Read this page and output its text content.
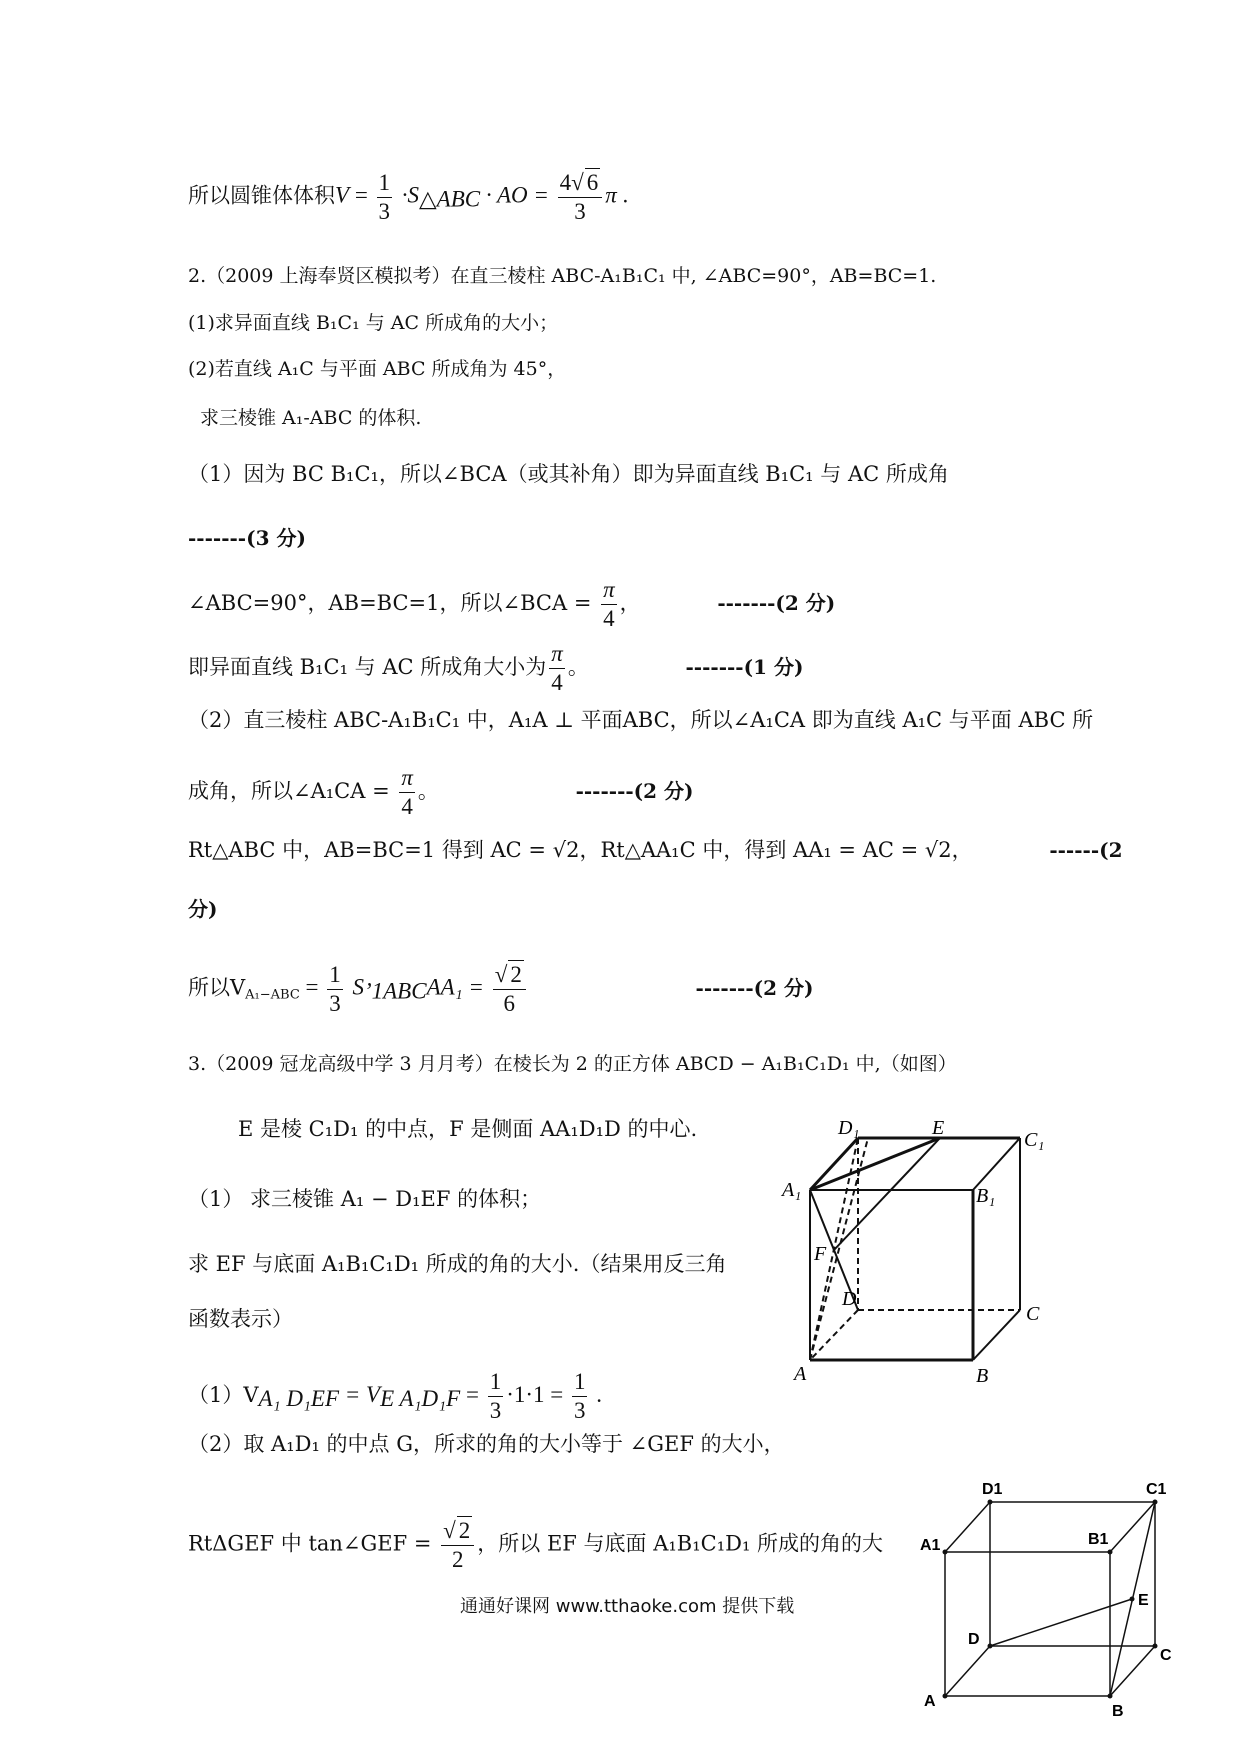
所以圆锥体体积$V = \frac{1}{3} \cdot S_{\triangle ABC}$ · AO = $\frac{4√ 6}{3}$ π .
2.（2009 上海奉贤区模拟考）在直三棱柱 ABC-A₁B₁C₁ 中, ∠ABC=90°，AB=BC=1.
(1)求异面直线 B₁C₁ 与 AC 所成角的大小；
(2)若直线 A₁C 与平面 ABC 所成角为 45°，
求三棱锥 A₁-ABC 的体积.
（1）因为 BC B₁C₁，所以∠BCA（或其补角）即为异面直线 B₁C₁ 与 AC 所成角
-------(3 分)
∠ABC=90°，AB=BC=1，所以∠BCA = $\frac{\pi}{4}$ ，	-------(2 分)
即异面直线 B₁C₁ 与 AC 所成角大小为 $\frac{\pi}{4}$ 。	-------(1 分)
（2）直三棱柱 ABC-A₁B₁C₁ 中，A₁A ⊥ 平面ABC，所以∠A₁CA 即为直线 A₁C 与平面 ABC 所
成角，所以∠A₁CA = $\frac{\pi}{4}$ 。	-------(2 分)
Rt△ABC 中，AB=BC=1 得到 AC = √2，Rt△AA₁C 中，得到 AA₁ = AC = √2，	------(2
分)
所以$V_{A_1-ABC} = \frac{1}{3} S_{ʼ1ABC}AA_1 = \frac{√ 2}{6}$	-------(2 分)
3.（2009 冠龙高级中学 3 月月考）在棱长为 2 的正方体 ABCD − A₁B₁C₁D₁ 中,（如图）
E 是棱 C₁D₁ 的中点，F 是侧面 AA₁D₁D 的中心.
（1） 求三棱锥 A₁ − D₁EF 的体积；
求 EF 与底面 A₁B₁C₁D₁ 所成的角的大小.（结果用反三角
函数表示）
$(1)V_{A_1 D_1EF} = V_{E A_1D_1F} = \frac{1}{3} \cdot 1\cdot 1 = \frac{1}{3}$ .
（2）取 A₁D₁ 的中点 G，所求的角的大小等于 ∠GEF 的大小，
RtΔGEF 中 tan∠GEF = $\frac{√ 2}{2}$ ，所以 EF 与底面 A₁B₁C₁D₁ 所成的角的大
D₁	E
C₁
A₁	B₁
F
D
C
A	B
D1	C1
A1	B1
E
D
C
A
B
通通好课网 www.tthaoke.com 提供下载
